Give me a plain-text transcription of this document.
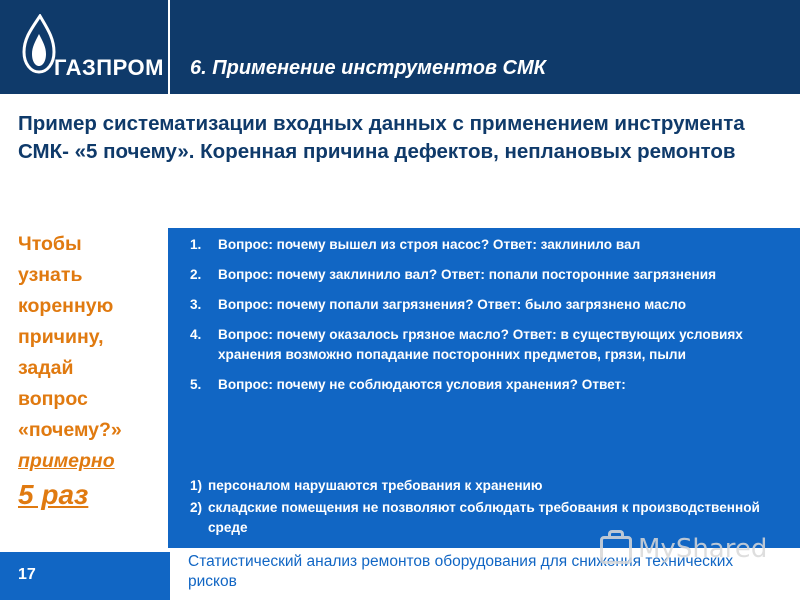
ГАЗПРОМ 6. Применение инструментов СМК
Пример систематизации входных данных с применением инструмента СМК- «5 почему». Коренная причина дефектов, неплановых ремонтов
Чтобы
узнать
коренную
причину,
задай
вопрос
«почему?»
примерно
5 раз
1. Вопрос: почему вышел из строя насос? Ответ: заклинило вал
2. Вопрос: почему заклинило вал? Ответ: попали посторонние загрязнения
3. Вопрос: почему попали загрязнения? Ответ: было загрязнено масло
4. Вопрос: почему оказалось грязное масло? Ответ: в существующих условиях хранения возможно попадание посторонних предметов, грязи, пыли
5. Вопрос: почему не соблюдаются условия хранения? Ответ:
1) персоналом нарушаются требования к хранению
2) складские помещения не позволяют соблюдать требования к производственной среде
17
Статистический анализ ремонтов оборудования для снижения технических рисков
MyShared
